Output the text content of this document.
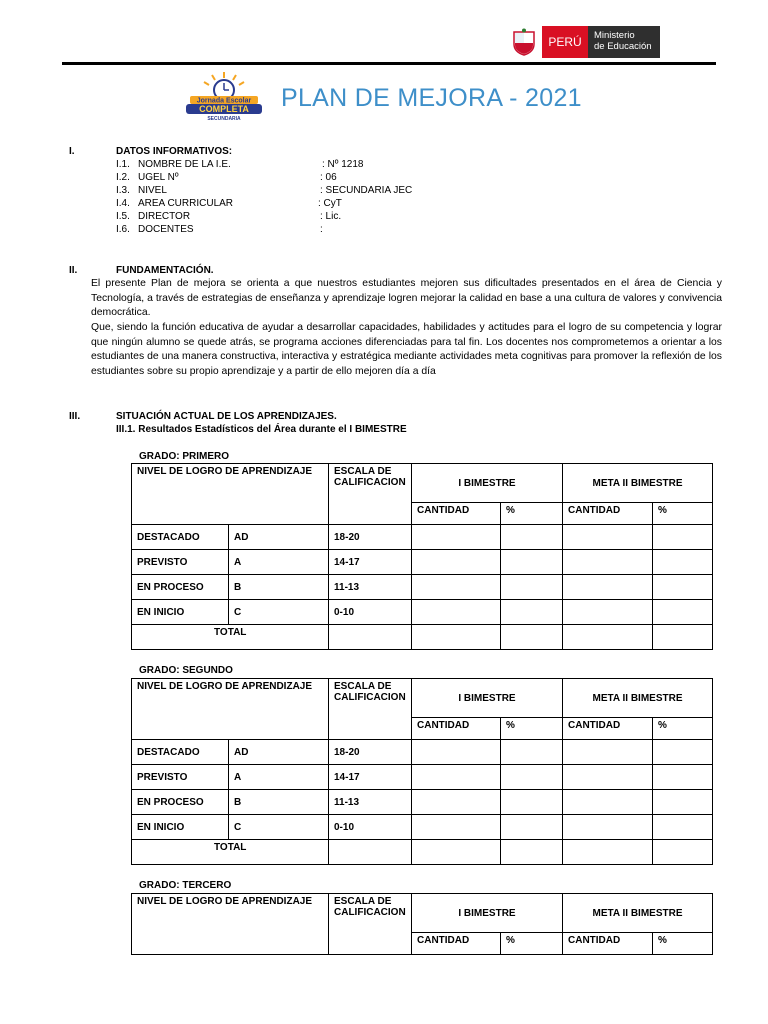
PERÚ	Ministerio
de Educación
Jornada Escolar
COMPLETA
SECUNDARIA
PLAN DE MEJORA - 2021
I.	DATOS INFORMATIVOS:
I.1. NOMBRE DE LA I.E.	: Nº 1218
I.2. UGEL Nº	: 06
I.3. NIVEL	: SECUNDARIA JEC
I.4. AREA CURRICULAR	: CyT
I.5. DIRECTOR	: Lic.
I.6. DOCENTES	:
II.	FUNDAMENTACIÓN.
El presente Plan de mejora se orienta a que nuestros estudiantes mejoren sus dificultades presentados en el área de Ciencia y Tecnología, a través de estrategias de enseñanza y aprendizaje logren mejorar la calidad en base a una cultura de valores y convivencia democrática.
Que, siendo la función educativa de ayudar a desarrollar capacidades, habilidades y actitudes para el logro de su competencia y lograr que ningún alumno se quede atrás, se programa acciones diferenciadas para tal fin. Los docentes nos comprometemos a orientar a los estudiantes de una manera constructiva, interactiva y estratégica mediante actividades meta cognitivas para promover la reflexión de los estudiantes sobre su propio aprendizaje y a partir de ello mejoren día a día
III.	SITUACIÓN ACTUAL DE LOS APRENDIZAJES.
III.1. Resultados Estadísticos del Área durante el I BIMESTRE
GRADO: PRIMERO
NIVEL DE LOGRO DE APRENDIZAJE		ESCALA DE CALIFICACION	I BIMESTRE		META II BIMESTRE	
			CANTIDAD	%	CANTIDAD	%
DESTACADO	AD	18-20				
PREVISTO	A	14-17				
EN PROCESO	B	11-13				
EN INICIO	C	0-10				
TOTAL						
GRADO: SEGUNDO
NIVEL DE LOGRO DE APRENDIZAJE		ESCALA DE CALIFICACION	I BIMESTRE		META II BIMESTRE	
			CANTIDAD	%	CANTIDAD	%
DESTACADO	AD	18-20				
PREVISTO	A	14-17				
EN PROCESO	B	11-13				
EN INICIO	C	0-10				
TOTAL						
GRADO: TERCERO
NIVEL DE LOGRO DE APRENDIZAJE	ESCALA DE CALIFICACION	I BIMESTRE		META II BIMESTRE	
		CANTIDAD	%	CANTIDAD	%
